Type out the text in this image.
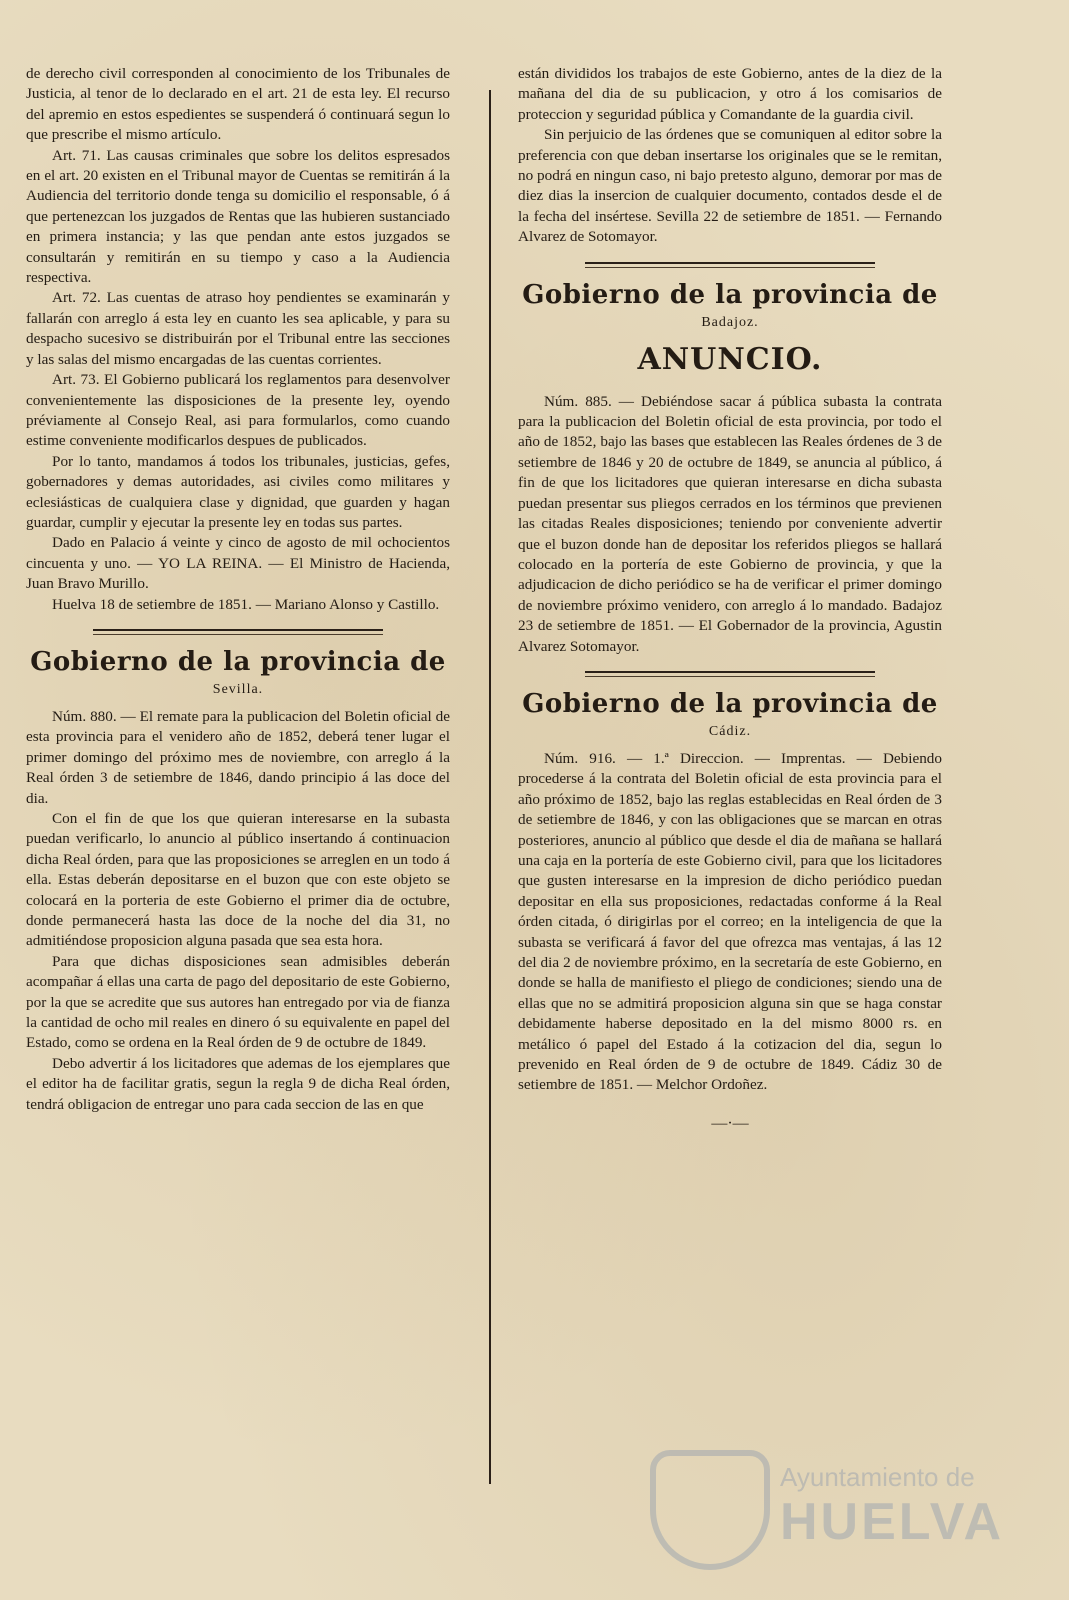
de derecho civil corresponden al conocimiento de los Tribunales de Justicia, al tenor de lo declarado en el art. 21 de esta ley. El recurso del apremio en estos espedientes se suspenderá ó continuará segun lo que prescribe el mismo artículo.

Art. 71. Las causas criminales que sobre los delitos espresados en el art. 20 existen en el Tribunal mayor de Cuentas se remitirán á la Audiencia del territorio donde tenga su domicilio el responsable, ó á que pertenezcan los juzgados de Rentas que las hubieren sustanciado en primera instancia; y las que pendan ante estos juzgados se consultarán y remitirán en su tiempo y caso a la Audiencia respectiva.

Art. 72. Las cuentas de atraso hoy pendientes se examinarán y fallarán con arreglo á esta ley en cuanto les sea aplicable, y para su despacho sucesivo se distribuirán por el Tribunal entre las secciones y las salas del mismo encargadas de las cuentas corrientes.

Art. 73. El Gobierno publicará los reglamentos para desenvolver convenientemente las disposiciones de la presente ley, oyendo préviamente al Consejo Real, asi para formularlos, como cuando estime conveniente modificarlos despues de publicados.

Por lo tanto, mandamos á todos los tribunales, justicias, gefes, gobernadores y demas autoridades, asi civiles como militares y eclesiásticas de cualquiera clase y dignidad, que guarden y hagan guardar, cumplir y ejecutar la presente ley en todas sus partes.

Dado en Palacio á veinte y cinco de agosto de mil ochocientos cincuenta y uno. — YO LA REINA. — El Ministro de Hacienda, Juan Bravo Murillo.

Huelva 18 de setiembre de 1851. — Mariano Alonso y Castillo.

Gobierno de la provincia de
Sevilla.

Núm. 880. — El remate para la publicacion del Boletin oficial de esta provincia para el venidero año de 1852, deberá tener lugar el primer domingo del próximo mes de noviembre, con arreglo á la Real órden 3 de setiembre de 1846, dando principio á las doce del dia.

Con el fin de que los que quieran interesarse en la subasta puedan verificarlo, lo anuncio al público insertando á continuacion dicha Real órden, para que las proposiciones se arreglen en un todo á ella. Estas deberán depositarse en el buzon que con este objeto se colocará en la porteria de este Gobierno el primer dia de octubre, donde permanecerá hasta las doce de la noche del dia 31, no admitiéndose proposicion alguna pasada que sea esta hora.

Para que dichas disposiciones sean admisibles deberán acompañar á ellas una carta de pago del depositario de este Gobierno, por la que se acredite que sus autores han entregado por via de fianza la cantidad de ocho mil reales en dinero ó su equivalente en papel del Estado, como se ordena en la Real órden de 9 de octubre de 1849.

Debo advertir á los licitadores que ademas de los ejemplares que el editor ha de facilitar gratis, segun la regla 9 de dicha Real órden, tendrá obligacion de entregar uno para cada seccion de las en que

están divididos los trabajos de este Gobierno, antes de la diez de la mañana del dia de su publicacion, y otro á los comisarios de proteccion y seguridad pública y Comandante de la guardia civil.

Sin perjuicio de las órdenes que se comuniquen al editor sobre la preferencia con que deban insertarse los originales que se le remitan, no podrá en ningun caso, ni bajo pretesto alguno, demorar por mas de diez dias la insercion de cualquier documento, contados desde el de la fecha del insértese. Sevilla 22 de setiembre de 1851. — Fernando Alvarez de Sotomayor.

Gobierno de la provincia de
Badajoz.
ANUNCIO.

Núm. 885. — Debiéndose sacar á pública subasta la contrata para la publicacion del Boletin oficial de esta provincia, por todo el año de 1852, bajo las bases que establecen las Reales órdenes de 3 de setiembre de 1846 y 20 de octubre de 1849, se anuncia al público, á fin de que los licitadores que quieran interesarse en dicha subasta puedan presentar sus pliegos cerrados en los términos que previenen las citadas Reales disposiciones; teniendo por conveniente advertir que el buzon donde han de depositar los referidos pliegos se hallará colocado en la portería de este Gobierno de provincia, y que la adjudicacion de dicho periódico se ha de verificar el primer domingo de noviembre próximo venidero, con arreglo á lo mandado. Badajoz 23 de setiembre de 1851. — El Gobernador de la provincia, Agustin Alvarez Sotomayor.

Gobierno de la provincia de
Cádiz.

Núm. 916. — 1.ª Direccion. — Imprentas. — Debiendo procederse á la contrata del Boletin oficial de esta provincia para el año próximo de 1852, bajo las reglas establecidas en Real órden de 3 de setiembre de 1846, y con las obligaciones que se marcan en otras posteriores, anuncio al público que desde el dia de mañana se hallará una caja en la portería de este Gobierno civil, para que los licitadores que gusten interesarse en la impresion de dicho periódico puedan depositar en ella sus proposiciones, redactadas conforme á la Real órden citada, ó dirigirlas por el correo; en la inteligencia de que la subasta se verificará á favor del que ofrezca mas ventajas, á las 12 del dia 2 de noviembre próximo, en la secretaría de este Gobierno, en donde se halla de manifiesto el pliego de condiciones; siendo una de ellas que no se admitirá proposicion alguna sin que se haga constar debidamente haberse depositado en la del mismo 8000 rs. en metálico ó papel del Estado á la cotizacion del dia, segun lo prevenido en Real órden de 9 de octubre de 1849. Cádiz 30 de setiembre de 1851. — Melchor Ordoñez.

—·—
Ayuntamiento de
HUELVA
